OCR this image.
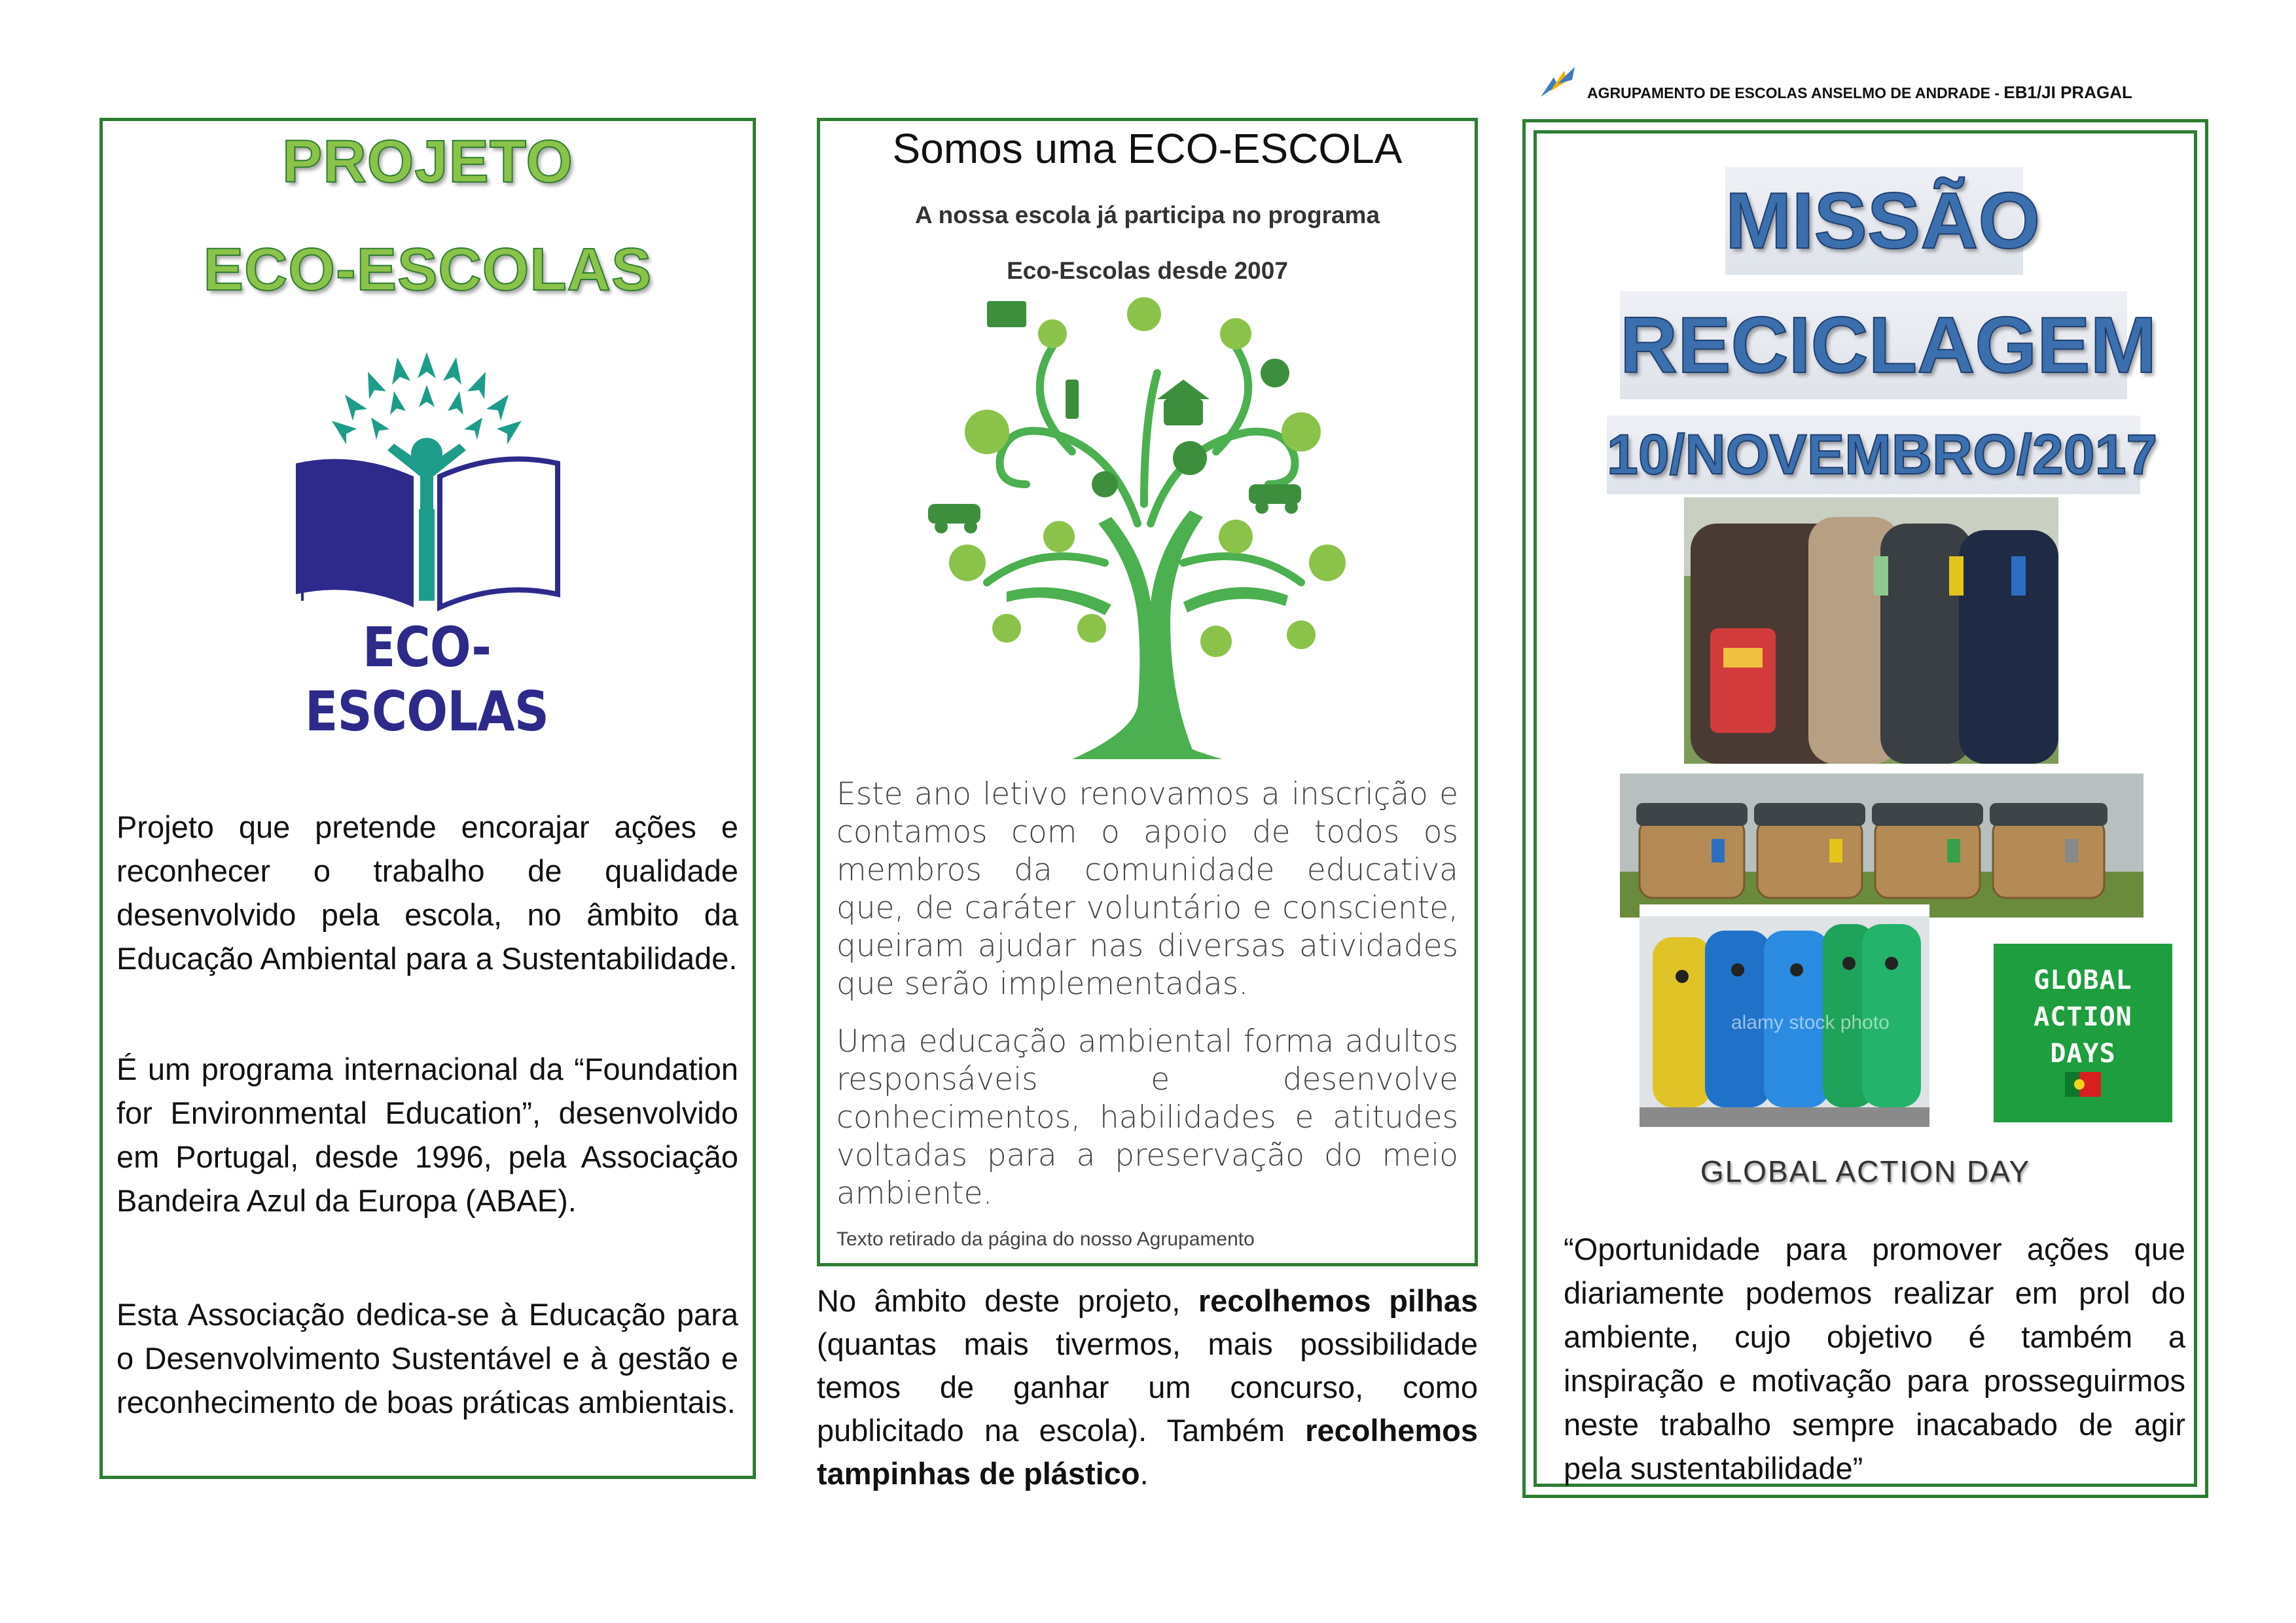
AGRUPAMENTO DE ESCOLAS ANSELMO DE ANDRADE - EB1/JI PRAGAL
PROJETO
ECO-ESCOLAS
ECO-ESCOLAS
Projeto que pretende encorajar ações e reconhecer o trabalho de qualidade desenvolvido pela escola, no âmbito da Educação Ambiental para a Sustentabilidade.
É um programa internacional da “Foundation for Environmental Education”, desenvolvido em Portugal, desde 1996, pela Associação Bandeira Azul da Europa (ABAE).
Esta Associação dedica-se à Educação para o Desenvolvimento Sustentável e à gestão e reconhecimento de boas práticas ambientais.
Somos uma ECO-ESCOLA
A nossa escola já participa no programa
Eco-Escolas desde 2007
Este ano letivo renovamos a inscrição e contamos com o apoio de todos os membros da comunidade educativa que, de caráter voluntário e consciente, queiram ajudar nas diversas atividades que serão implementadas.
Uma educação ambiental forma adultos responsáveis e desenvolve conhecimentos, habilidades e atitudes voltadas para a preservação do meio ambiente.
Texto retirado da página do nosso Agrupamento
No âmbito deste projeto, recolhemos pilhas (quantas mais tivermos, mais possibilidade temos de ganhar um concurso, como publicitado na escola). Também recolhemos tampinhas de plástico.
MISSÃO
RECICLAGEM
10/NOVEMBRO/2017
alamy stock photo
GLOBAL
ACTION
DAYS
GLOBAL ACTION DAY
“Oportunidade para promover ações que diariamente podemos realizar em prol do ambiente, cujo objetivo é também a inspiração e motivação para prosseguirmos neste trabalho sempre inacabado de agir pela sustentabilidade”
